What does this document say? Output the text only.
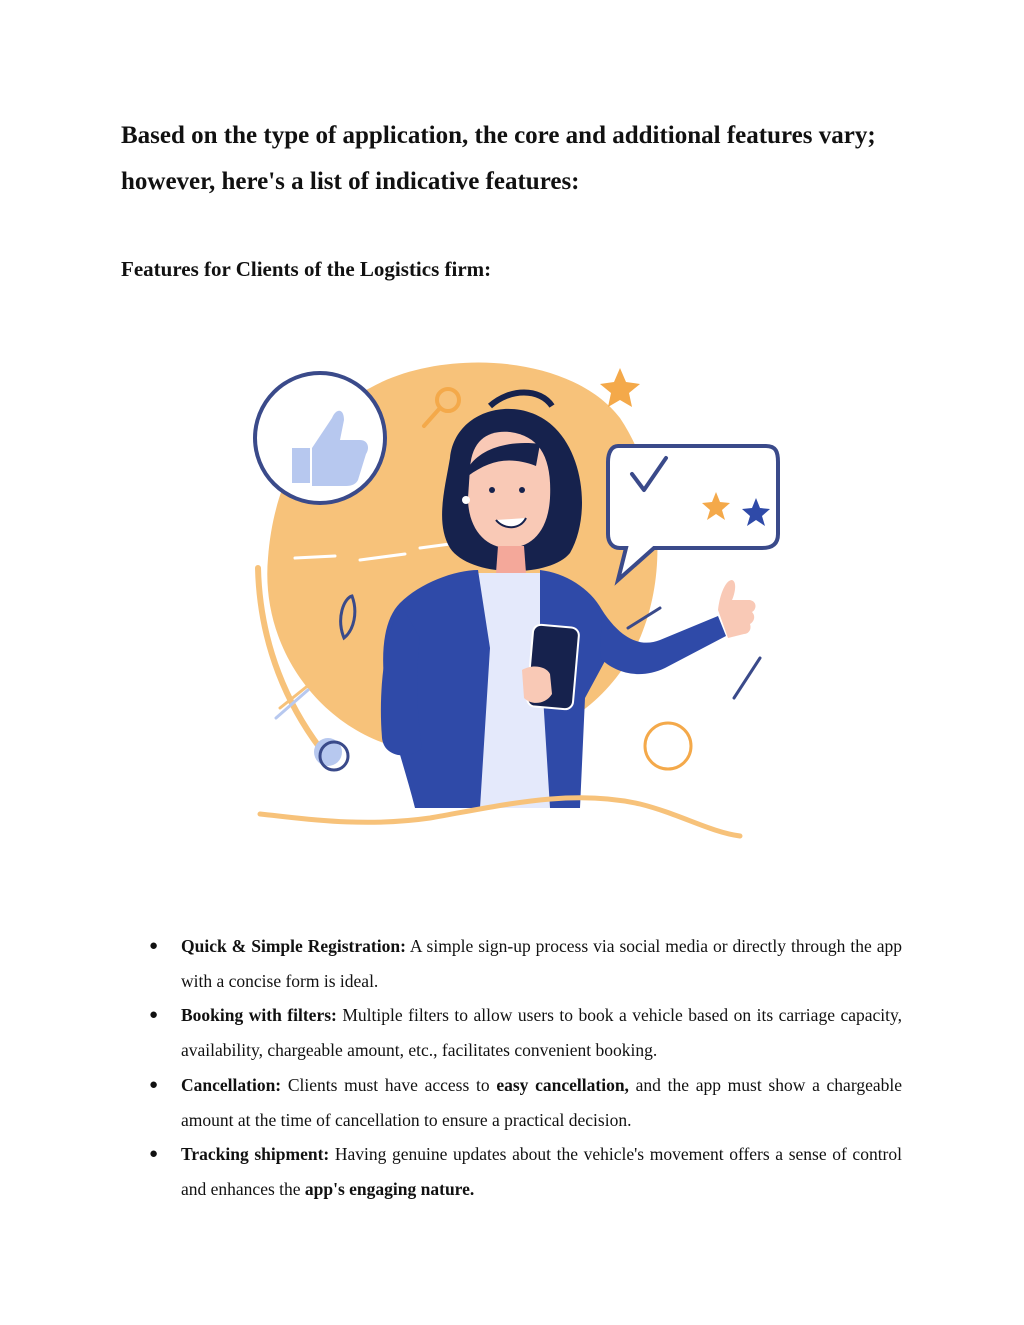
Based on the type of application, the core and additional features vary; however, here's a list of indicative features:
Features for Clients of the Logistics firm:
● Quick & Simple Registration: A simple sign-up process via social media or directly through the app with a concise form is ideal.
● Booking with filters: Multiple filters to allow users to book a vehicle based on its carriage capacity, availability, chargeable amount, etc., facilitates convenient booking.
● Cancellation: Clients must have access to easy cancellation, and the app must show a chargeable amount at the time of cancellation to ensure a practical decision.
● Tracking shipment: Having genuine updates about the vehicle's movement offers a sense of control and enhances the app's engaging nature.
